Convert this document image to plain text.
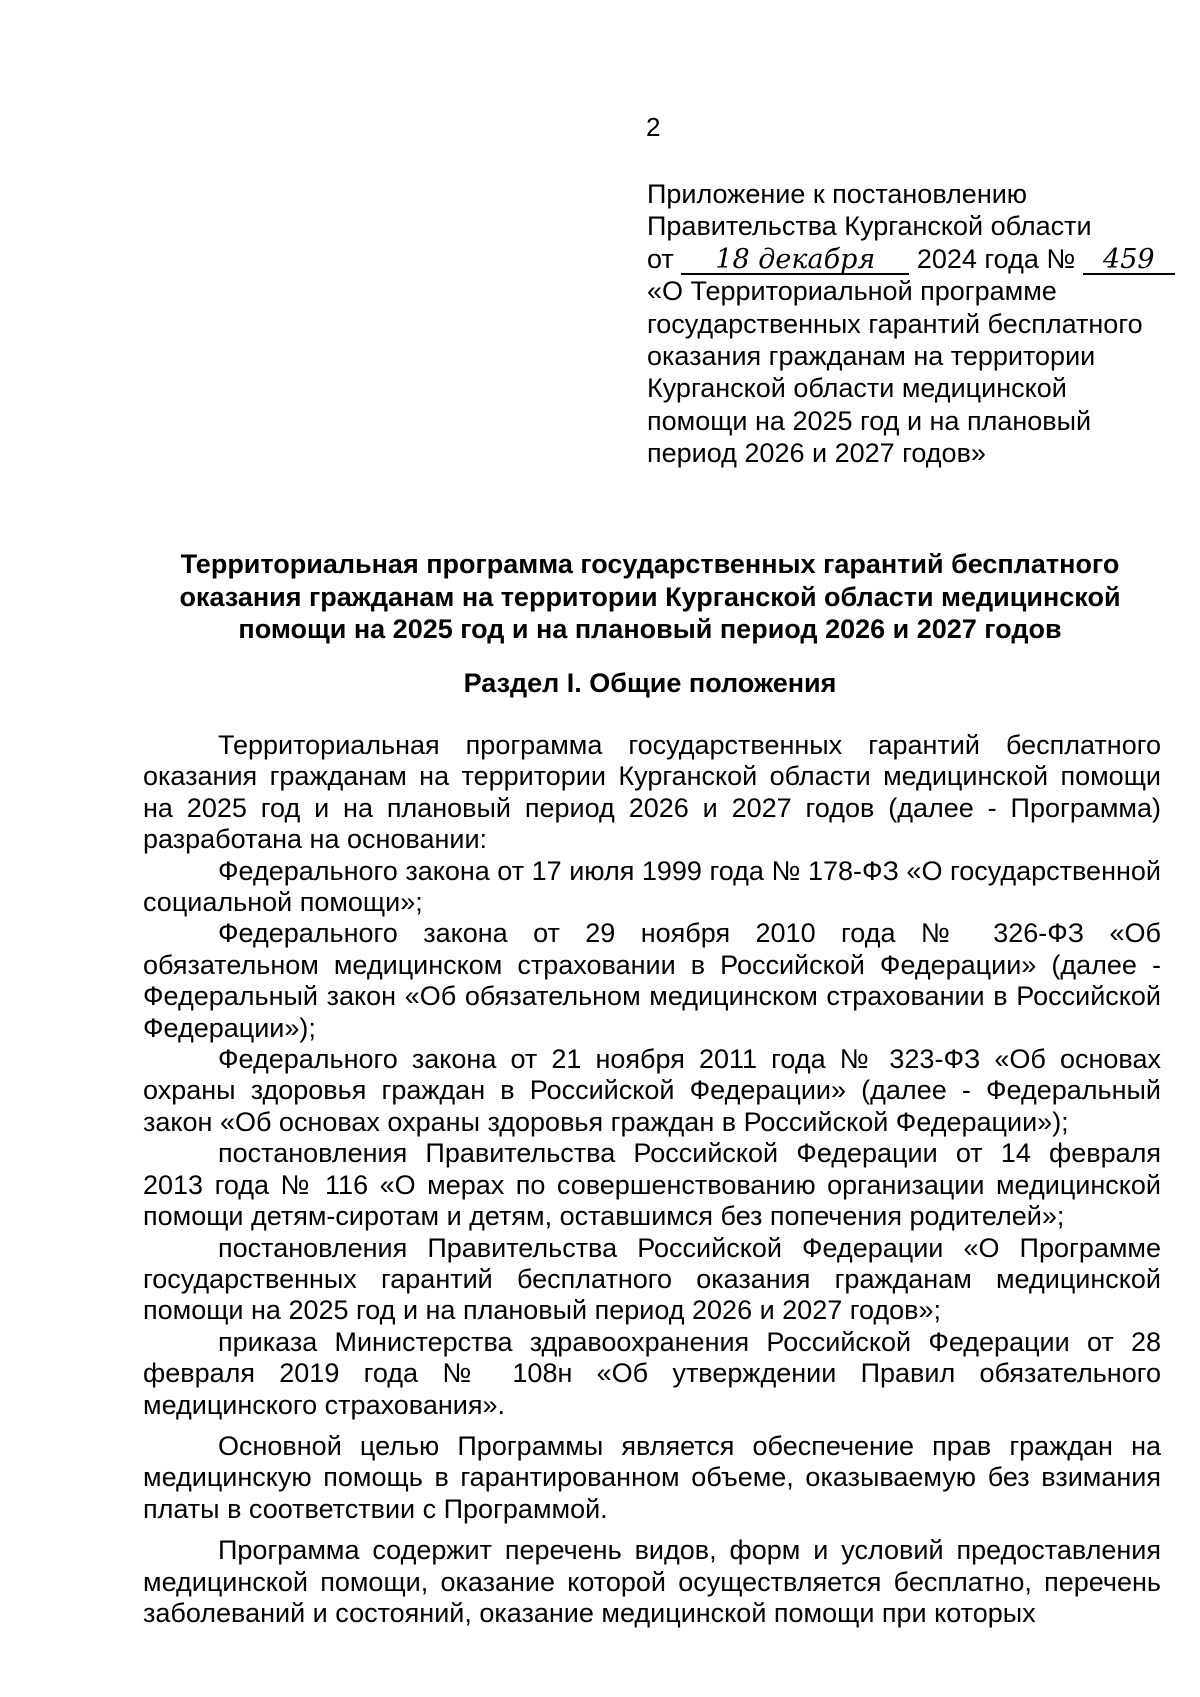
2
Приложение к постановлению
Правительства Курганской области
от 18 декабря 2024 года № 459
«О Территориальной программе
государственных гарантий бесплатного
оказания гражданам на территории
Курганской области медицинской
помощи на 2025 год и на плановый
период 2026 и 2027 годов»
Территориальная программа государственных гарантий бесплатного
оказания гражданам на территории Курганской области медицинской
помощи на 2025 год и на плановый период 2026 и 2027 годов
Раздел I. Общие положения

Территориальная программа государственных гарантий бесплатного оказания гражданам на территории Курганской области медицинской помощи на 2025 год и на плановый период 2026 и 2027 годов (далее - Программа) разработана на основании:

Федерального закона от 17 июля 1999 года № 178-ФЗ «О государственной социальной помощи»;

Федерального закона от 29 ноября 2010 года № 326-ФЗ «Об обязательном медицинском страховании в Российской Федерации» (далее - Федеральный закон «Об обязательном медицинском страховании в Российской Федерации»);

Федерального закона от 21 ноября 2011 года № 323-ФЗ «Об основах охраны здоровья граждан в Российской Федерации» (далее - Федеральный закон «Об основах охраны здоровья граждан в Российской Федерации»);

постановления Правительства Российской Федерации от 14 февраля 2013 года № 116 «О мерах по совершенствованию организации медицинской помощи детям-сиротам и детям, оставшимся без попечения родителей»;

постановления Правительства Российской Федерации «О Программе государственных гарантий бесплатного оказания гражданам медицинской помощи на 2025 год и на плановый период 2026 и 2027 годов»;

приказа Министерства здравоохранения Российской Федерации от 28 февраля 2019 года № 108н «Об утверждении Правил обязательного медицинского страхования».

Основной целью Программы является обеспечение прав граждан на медицинскую помощь в гарантированном объеме, оказываемую без взимания платы в соответствии с Программой.

Программа содержит перечень видов, форм и условий предоставления медицинской помощи, оказание которой осуществляется бесплатно, перечень заболеваний и состояний, оказание медицинской помощи при которых
